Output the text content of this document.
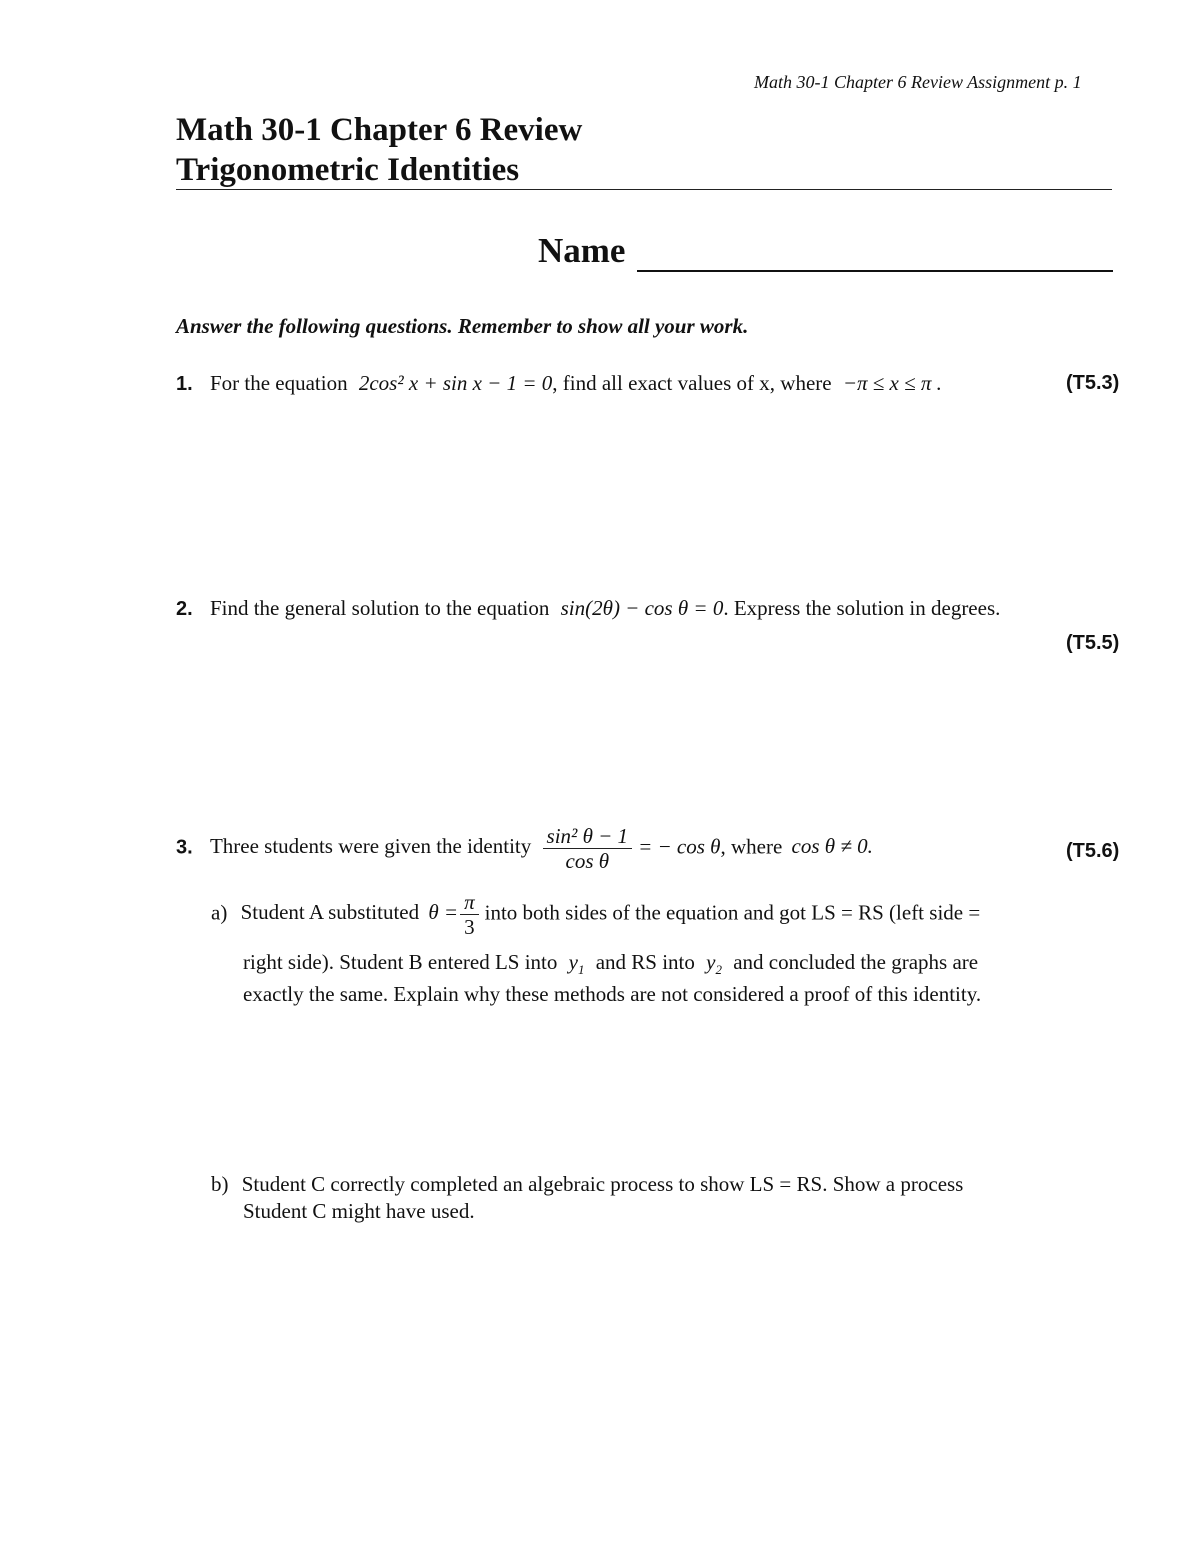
Math 30-1 Chapter 6 Review Assignment p. 1
Math 30-1 Chapter 6 Review
Trigonometric Identities
Name
Answer the following questions. Remember to show all your work.
1. For the equation 2cos² x + sin x − 1 = 0, find all exact values of x, where −π ≤ x ≤ π .	(T5.3)
2. Find the general solution to the equation sin(2θ) − cos θ = 0. Express the solution in degrees.
(T5.5)
3. Three students were given the identity $\frac{\text{sin² θ − 1}}{\text{cos θ}}$ = − cos θ, where cos θ ≠ 0.	(T5.6)
a) Student A substituted $\theta = \frac{\pi}{3}$ into both sides of the equation and got LS = RS (left side =
right side). Student B entered LS into $y_1$ and RS into $y_2$ and concluded the graphs are
exactly the same. Explain why these methods are not considered a proof of this identity.
b) Student C correctly completed an algebraic process to show LS = RS. Show a process
Student C might have used.
